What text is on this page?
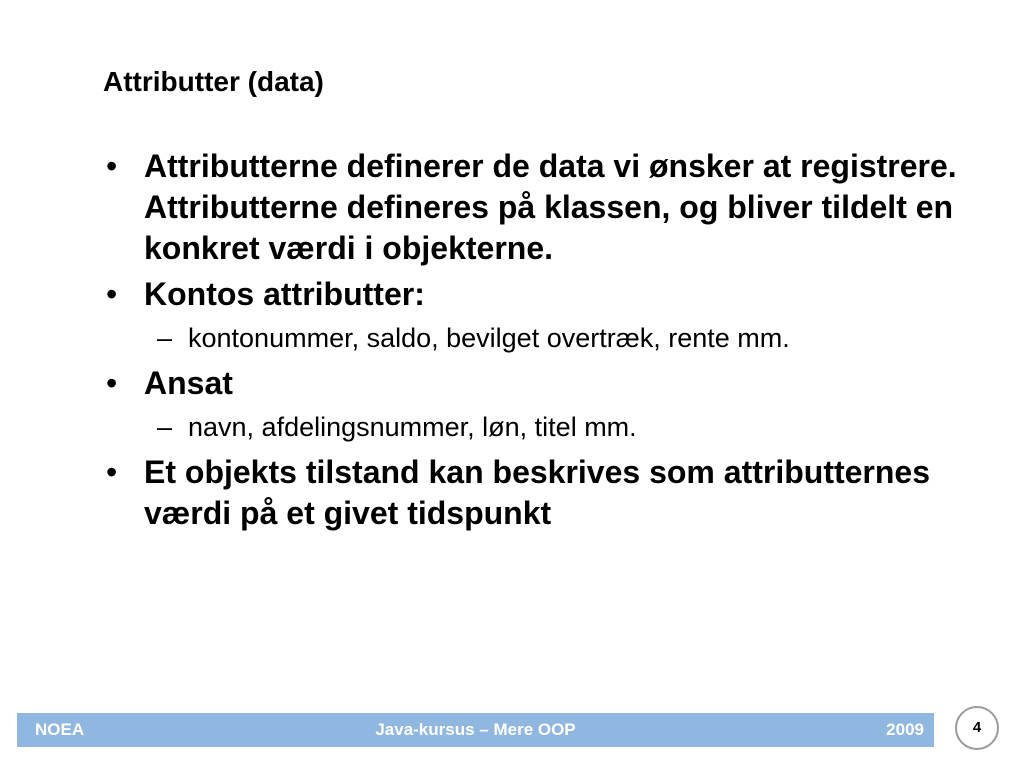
Attributter (data)
• Attributterne definerer de data vi ønsker at registrere. Attributterne defineres på klassen, og bliver tildelt en konkret værdi i objekterne.
• Kontos attributter:
– kontonummer, saldo, bevilget overtræk, rente mm.
• Ansat
– navn, afdelingsnummer, løn, titel mm.
• Et objekts tilstand kan beskrives som attributternes værdi på et givet tidspunkt
NOEA	Java-kursus – Mere OOP	2009	4
